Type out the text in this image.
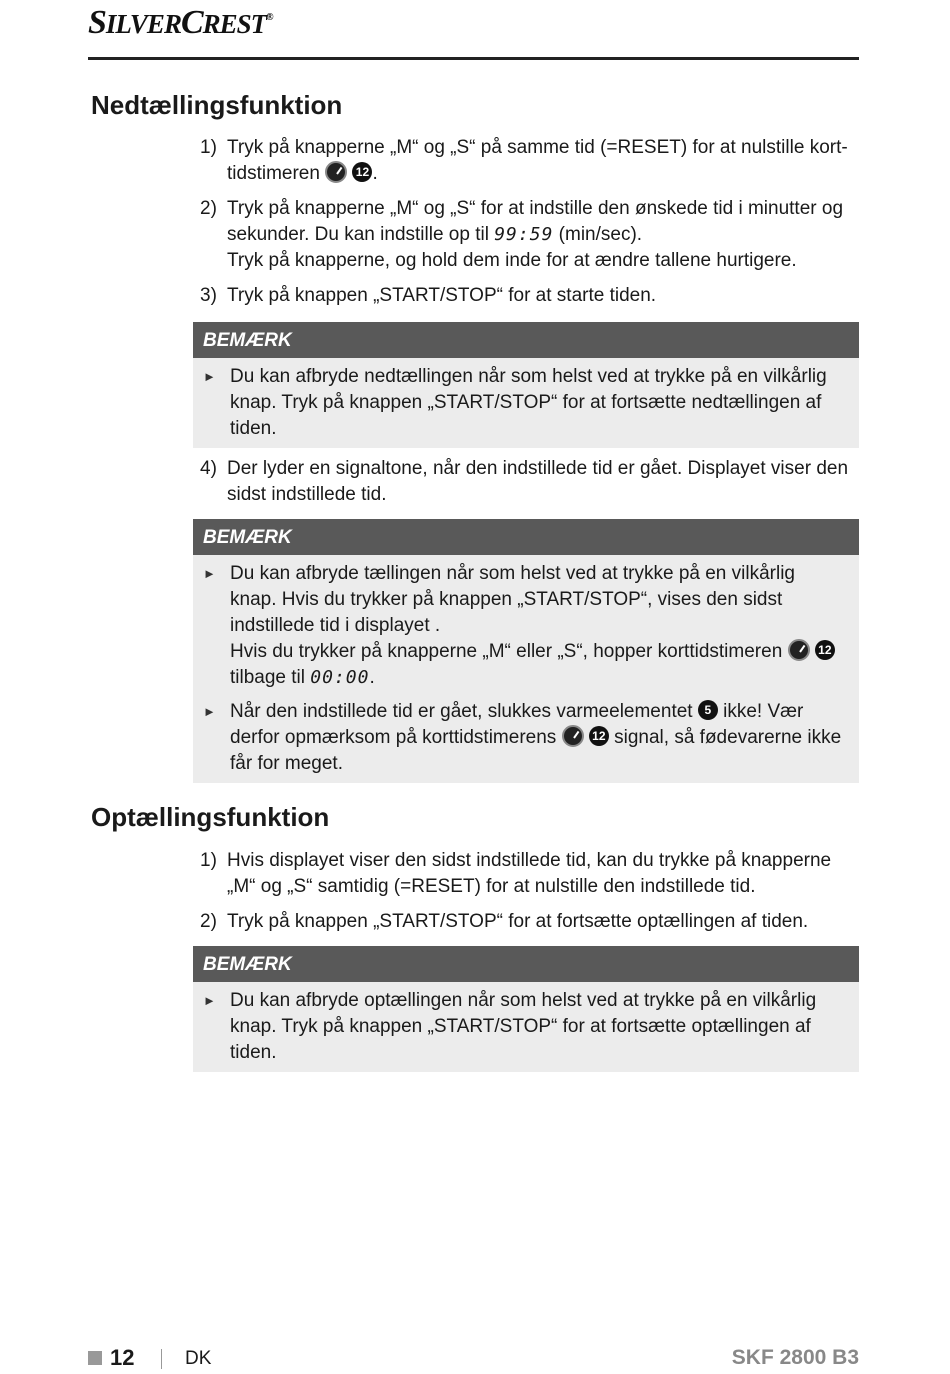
SILVERCREST®
Nedtællingsfunktion
1) Tryk på knapperne „M“ og „S“ på samme tid (=RESET) for at nulstille kort-tidstimeren	12 .
2) Tryk på knapperne „M“ og „S“ for at indstille den ønskede tid i minutter og sekunder. Du kan indstille op til 99:59 (min/sec).
Tryk på knapperne, og hold dem inde for at ændre tallene hurtigere.
3) Tryk på knappen „START/STOP“ for at starte tiden.
BEMÆRK
► Du kan afbryde nedtællingen når som helst ved at trykke på en vilkårlig knap. Tryk på knappen „START/STOP“ for at fortsætte nedtællingen af tiden.
4) Der lyder en signaltone, når den indstillede tid er gået. Displayet viser den sidst indstillede tid.
BEMÆRK
► Du kan afbryde tællingen når som helst ved at trykke på en vilkårlig knap. Hvis du trykker på knappen „START/STOP“, vises den sidst indstillede tid i displayet .
Hvis du trykker på knapperne „M“ eller „S“, hopper korttidstimeren	12
tilbage til 00:00.
► Når den indstillede tid er gået, slukkes varmeelementet 5 ikke! Vær derfor opmærksom på korttidstimerens	12 signal, så fødevarerne ikke får for meget.
Optællingsfunktion
1) Hvis displayet viser den sidst indstillede tid, kan du trykke på knapperne „M“ og „S“ samtidig (=RESET) for at nulstille den indstillede tid.
2) Tryk på knappen „START/STOP“ for at fortsætte optællingen af tiden.
BEMÆRK
► Du kan afbryde optællingen når som helst ved at trykke på en vilkårlig knap. Tryk på knappen „START/STOP“ for at fortsætte optællingen af tiden.
12	DK	SKF 2800 B3
